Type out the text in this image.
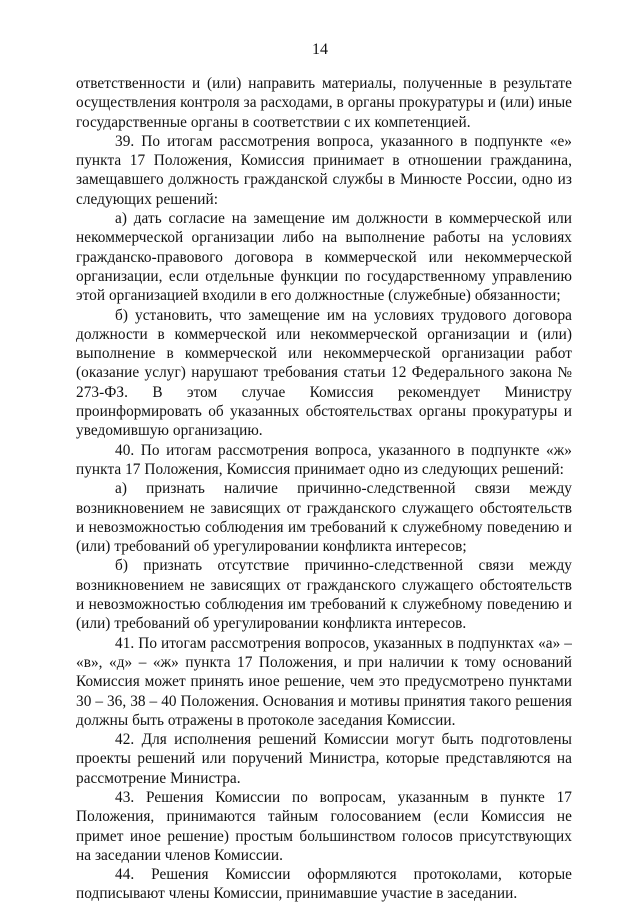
14

ответственности и (или) направить материалы, полученные в результате осуществления контроля за расходами, в органы прокуратуры и (или) иные государственные органы в соответствии с их компетенцией.

39. По итогам рассмотрения вопроса, указанного в подпункте «е» пункта 17 Положения, Комиссия принимает в отношении гражданина, замещавшего должность гражданской службы в Минюсте России, одно из следующих решений:

а) дать согласие на замещение им должности в коммерческой или некоммерческой организации либо на выполнение работы на условиях гражданско-правового договора в коммерческой или некоммерческой организации, если отдельные функции по государственному управлению этой организацией входили в его должностные (служебные) обязанности;

б) установить, что замещение им на условиях трудового договора должности в коммерческой или некоммерческой организации и (или) выполнение в коммерческой или некоммерческой организации работ (оказание услуг) нарушают требования статьи 12 Федерального закона № 273-ФЗ. В этом случае Комиссия рекомендует Министру проинформировать об указанных обстоятельствах органы прокуратуры и уведомившую организацию.

40. По итогам рассмотрения вопроса, указанного в подпункте «ж» пункта 17 Положения, Комиссия принимает одно из следующих решений:

а) признать наличие причинно-следственной связи между возникновением не зависящих от гражданского служащего обстоятельств и невозможностью соблюдения им требований к служебному поведению и (или) требований об урегулировании конфликта интересов;

б) признать отсутствие причинно-следственной связи между возникновением не зависящих от гражданского служащего обстоятельств и невозможностью соблюдения им требований к служебному поведению и (или) требований об урегулировании конфликта интересов.

41. По итогам рассмотрения вопросов, указанных в подпунктах «а» – «в», «д» – «ж» пункта 17 Положения, и при наличии к тому оснований Комиссия может принять иное решение, чем это предусмотрено пунктами 30 – 36, 38 – 40 Положения. Основания и мотивы принятия такого решения должны быть отражены в протоколе заседания Комиссии.

42. Для исполнения решений Комиссии могут быть подготовлены проекты решений или поручений Министра, которые представляются на рассмотрение Министра.

43. Решения Комиссии по вопросам, указанным в пункте 17 Положения, принимаются тайным голосованием (если Комиссия не примет иное решение) простым большинством голосов присутствующих на заседании членов Комиссии.

44. Решения Комиссии оформляются протоколами, которые подписывают члены Комиссии, принимавшие участие в заседании.
